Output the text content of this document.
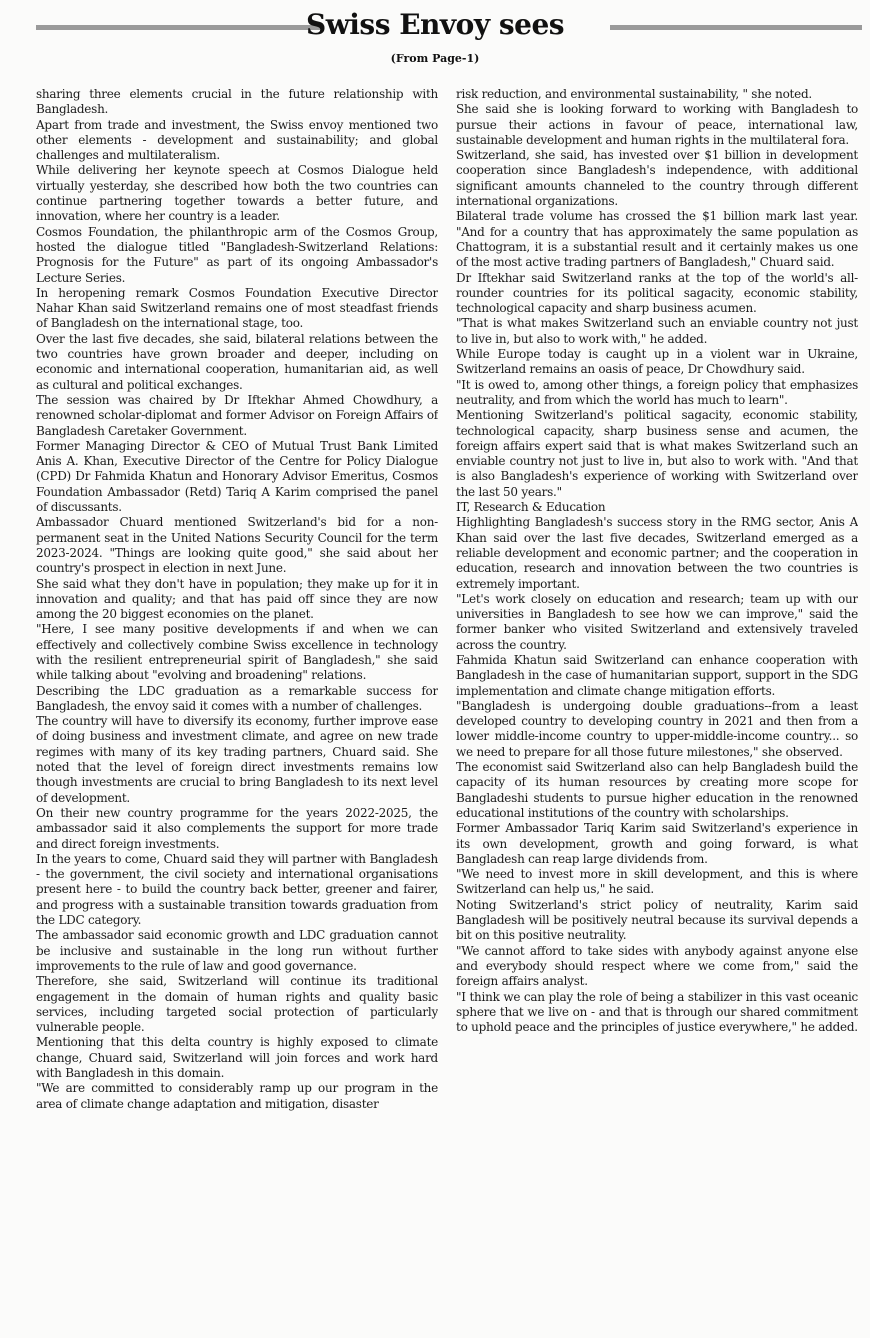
Swiss Envoy sees
(From Page-1)

sharing three elements crucial in the future relationship with Bangladesh.

Apart from trade and investment, the Swiss envoy mentioned two other elements - development and sustainability; and global challenges and multilateralism.

While delivering her keynote speech at Cosmos Dialogue held virtually yesterday, she described how both the two countries can continue partnering together towards a better future, and innovation, where her country is a leader.

Cosmos Foundation, the philanthropic arm of the Cosmos Group, hosted the dialogue titled "Bangladesh-Switzerland Relations: Prognosis for the Future" as part of its ongoing Ambassador's Lecture Series.

In heropening remark Cosmos Foundation Executive Director Nahar Khan said Switzerland remains one of most steadfast friends of Bangladesh on the international stage, too.

Over the last five decades, she said, bilateral relations between the two countries have grown broader and deeper, including on economic and international cooperation, humanitarian aid, as well as cultural and political exchanges.

The session was chaired by Dr Iftekhar Ahmed Chowdhury, a renowned scholar-diplomat and former Advisor on Foreign Affairs of Bangladesh Caretaker Government.

Former Managing Director & CEO of Mutual Trust Bank Limited Anis A. Khan, Executive Director of the Centre for Policy Dialogue (CPD) Dr Fahmida Khatun and Honorary Advisor Emeritus, Cosmos Foundation Ambassador (Retd) Tariq A Karim comprised the panel of discussants.

Ambassador Chuard mentioned Switzerland's bid for a non-permanent seat in the United Nations Security Council for the term 2023-2024. "Things are looking quite good," she said about her country's prospect in election in next June.

She said what they don't have in population; they make up for it in innovation and quality; and that has paid off since they are now among the 20 biggest economies on the planet.

"Here, I see many positive developments if and when we can effectively and collectively combine Swiss excellence in technology with the resilient entrepreneurial spirit of Bangladesh," she said while talking about "evolving and broadening" relations.

Describing the LDC graduation as a remarkable success for Bangladesh, the envoy said it comes with a number of challenges.

The country will have to diversify its economy, further improve ease of doing business and investment climate, and agree on new trade regimes with many of its key trading partners, Chuard said. She noted that the level of foreign direct investments remains low though investments are crucial to bring Bangladesh to its next level of development.

On their new country programme for the years 2022-2025, the ambassador said it also complements the support for more trade and direct foreign investments.

In the years to come, Chuard said they will partner with Bangladesh - the government, the civil society and international organisations present here - to build the country back better, greener and fairer, and progress with a sustainable transition towards graduation from the LDC category.

The ambassador said economic growth and LDC graduation cannot be inclusive and sustainable in the long run without further improvements to the rule of law and good governance.

Therefore, she said, Switzerland will continue its traditional engagement in the domain of human rights and quality basic services, including targeted social protection of particularly vulnerable people.

Mentioning that this delta country is highly exposed to climate change, Chuard said, Switzerland will join forces and work hard with Bangladesh in this domain.

"We are committed to considerably ramp up our program in the area of climate change adaptation and mitigation, disaster

risk reduction, and environmental sustainability, " she noted.

She said she is looking forward to working with Bangladesh to pursue their actions in favour of peace, international law, sustainable development and human rights in the multilateral fora.

Switzerland, she said, has invested over $1 billion in development cooperation since Bangladesh's independence, with additional significant amounts channeled to the country through different international organizations.

Bilateral trade volume has crossed the $1 billion mark last year. "And for a country that has approximately the same population as Chattogram, it is a substantial result and it certainly makes us one of the most active trading partners of Bangladesh," Chuard said.

Dr Iftekhar said Switzerland ranks at the top of the world's all-rounder countries for its political sagacity, economic stability, technological capacity and sharp business acumen.

"That is what makes Switzerland such an enviable country not just to live in, but also to work with," he added.

While Europe today is caught up in a violent war in Ukraine, Switzerland remains an oasis of peace, Dr Chowdhury said.

"It is owed to, among other things, a foreign policy that emphasizes neutrality, and from which the world has much to learn".

Mentioning Switzerland's political sagacity, economic stability, technological capacity, sharp business sense and acumen, the foreign affairs expert said that is what makes Switzerland such an enviable country not just to live in, but also to work with. "And that is also Bangladesh's experience of working with Switzerland over the last 50 years."

IT, Research & Education

Highlighting Bangladesh's success story in the RMG sector, Anis A Khan said over the last five decades, Switzerland emerged as a reliable development and economic partner; and the cooperation in education, research and innovation between the two countries is extremely important.

"Let's work closely on education and research; team up with our universities in Bangladesh to see how we can improve," said the former banker who visited Switzerland and extensively traveled across the country.

Fahmida Khatun said Switzerland can enhance cooperation with Bangladesh in the case of humanitarian support, support in the SDG implementation and climate change mitigation efforts.

"Bangladesh is undergoing double graduations--from a least developed country to developing country in 2021 and then from a lower middle-income country to upper-middle-income country... so we need to prepare for all those future milestones," she observed.

The economist said Switzerland also can help Bangladesh build the capacity of its human resources by creating more scope for Bangladeshi students to pursue higher education in the renowned educational institutions of the country with scholarships.

Former Ambassador Tariq Karim said Switzerland's experience in its own development, growth and going forward, is what Bangladesh can reap large dividends from.

"We need to invest more in skill development, and this is where Switzerland can help us," he said.

Noting Switzerland's strict policy of neutrality, Karim said Bangladesh will be positively neutral because its survival depends a bit on this positive neutrality.

"We cannot afford to take sides with anybody against anyone else and everybody should respect where we come from," said the foreign affairs analyst.

"I think we can play the role of being a stabilizer in this vast oceanic sphere that we live on - and that is through our shared commitment to uphold peace and the principles of justice everywhere," he added.
